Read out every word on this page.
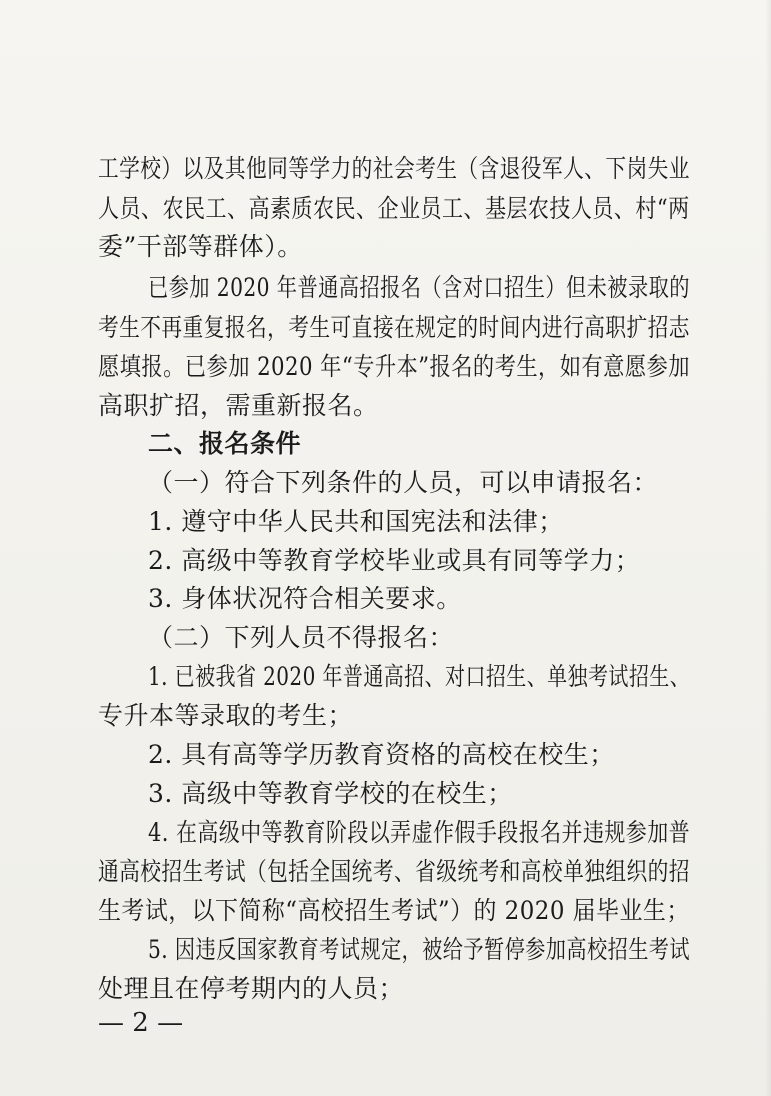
工学校）以及其他同等学力的社会考生（含退役军人、下岗失业
人员、农民工、高素质农民、企业员工、基层农技人员、村“两
委”干部等群体）。
已参加 2020 年普通高招报名（含对口招生）但未被录取的
考生不再重复报名，考生可直接在规定的时间内进行高职扩招志
愿填报。已参加 2020 年“专升本”报名的考生，如有意愿参加
高职扩招，需重新报名。
二、报名条件
（一）符合下列条件的人员，可以申请报名：
1. 遵守中华人民共和国宪法和法律；
2. 高级中等教育学校毕业或具有同等学力；
3. 身体状况符合相关要求。
（二）下列人员不得报名：
1. 已被我省 2020 年普通高招、对口招生、单独考试招生、
专升本等录取的考生；
2. 具有高等学历教育资格的高校在校生；
3. 高级中等教育学校的在校生；
4. 在高级中等教育阶段以弄虚作假手段报名并违规参加普
通高校招生考试（包括全国统考、省级统考和高校单独组织的招
生考试，以下简称“高校招生考试”）的 2020 届毕业生；
5. 因违反国家教育考试规定，被给予暂停参加高校招生考试
处理且在停考期内的人员；
— 2 —
